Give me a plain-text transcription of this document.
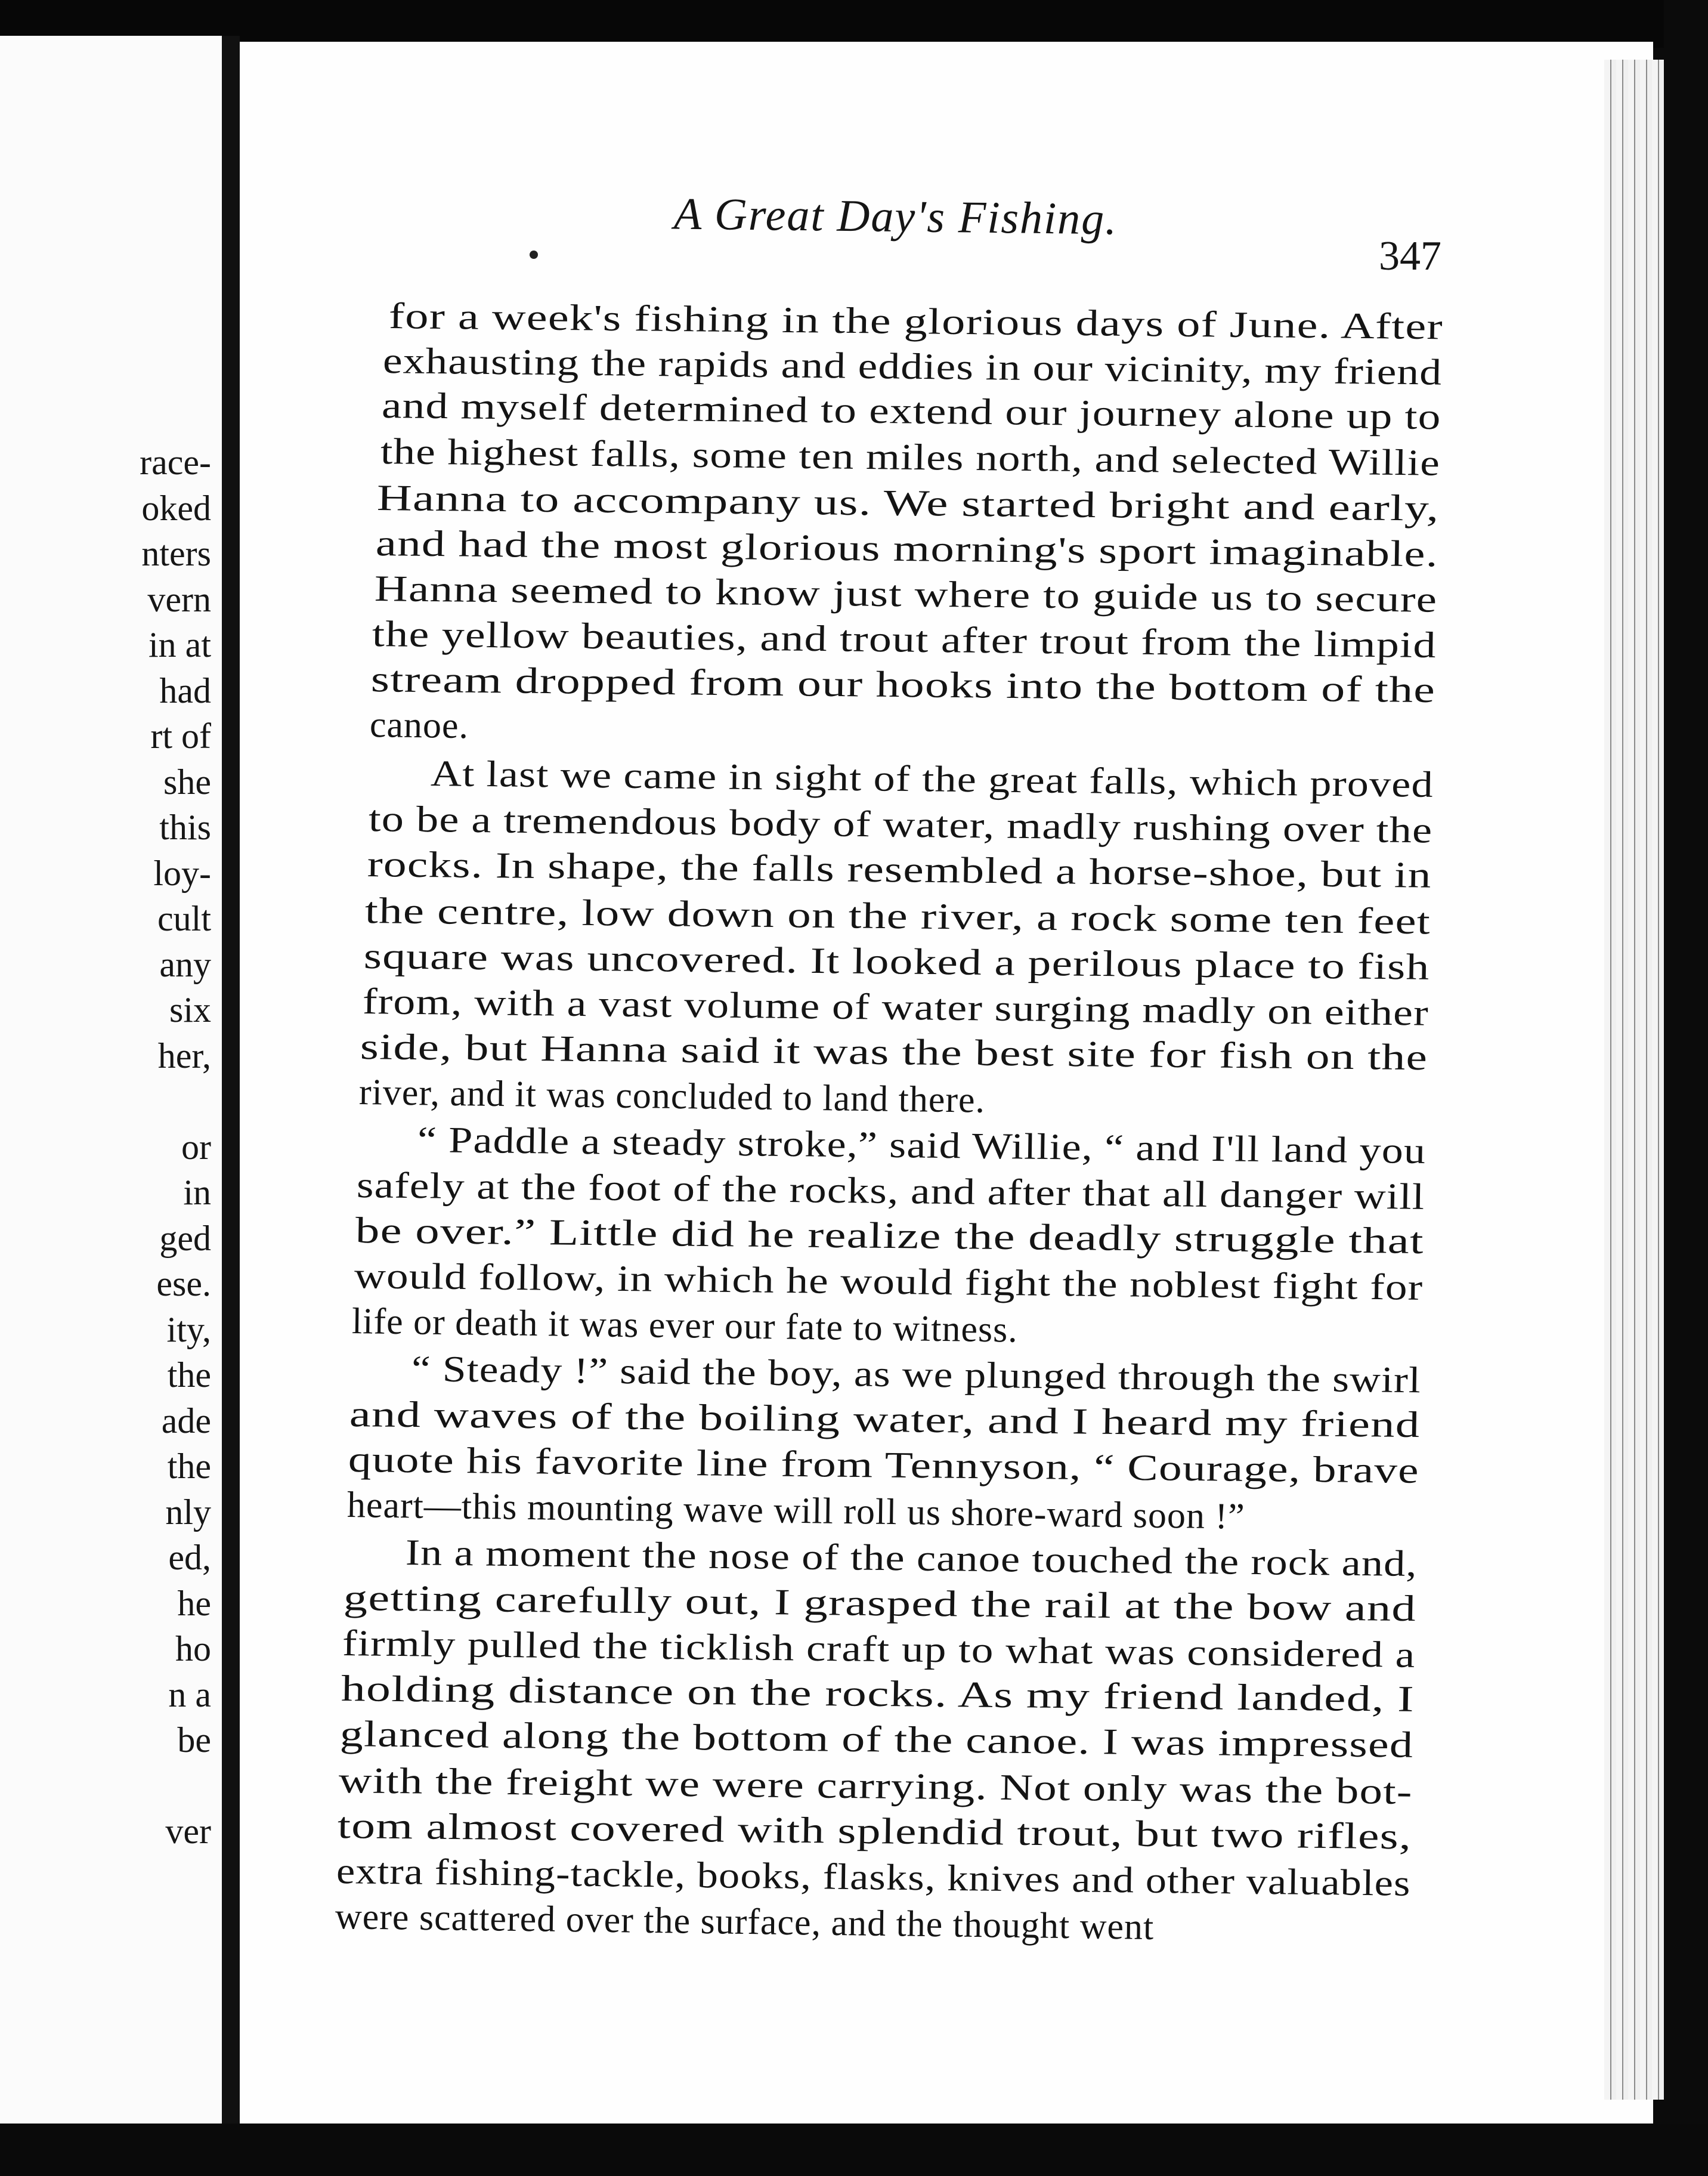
race-
oked
nters
vern
in at
had
rt of
she
this
loy-
cult
any
six
her,
or
in
ged
ese.
ity,
the
ade
the
nly
ed,
he
ho
n a
be
ver
A Great Day's Fishing.
347
for a week's fishing in the glorious days of June. After
exhausting the rapids and eddies in our vicinity, my friend
and myself determined to extend our journey alone up to
the highest falls, some ten miles north, and selected Willie
Hanna to accompany us. We started bright and early,
and had the most glorious morning's sport imaginable.
Hanna seemed to know just where to guide us to secure
the yellow beauties, and trout after trout from the limpid
stream dropped from our hooks into the bottom of the
canoe.
At last we came in sight of the great falls, which proved
to be a tremendous body of water, madly rushing over the
rocks. In shape, the falls resembled a horse-shoe, but in
the centre, low down on the river, a rock some ten feet
square was uncovered. It looked a perilous place to fish
from, with a vast volume of water surging madly on either
side, but Hanna said it was the best site for fish on the
river, and it was concluded to land there.
“ Paddle a steady stroke,” said Willie, “ and I'll land you
safely at the foot of the rocks, and after that all danger will
be over.” Little did he realize the deadly struggle that
would follow, in which he would fight the noblest fight for
life or death it was ever our fate to witness.
“ Steady !” said the boy, as we plunged through the swirl
and waves of the boiling water, and I heard my friend
quote his favorite line from Tennyson, “ Courage, brave
heart—this mounting wave will roll us shore-ward soon !”
In a moment the nose of the canoe touched the rock and,
getting carefully out, I grasped the rail at the bow and
firmly pulled the ticklish craft up to what was considered a
holding distance on the rocks. As my friend landed, I
glanced along the bottom of the canoe. I was impressed
with the freight we were carrying. Not only was the bot-
tom almost covered with splendid trout, but two rifles,
extra fishing-tackle, books, flasks, knives and other valuables
were scattered over the surface, and the thought went
